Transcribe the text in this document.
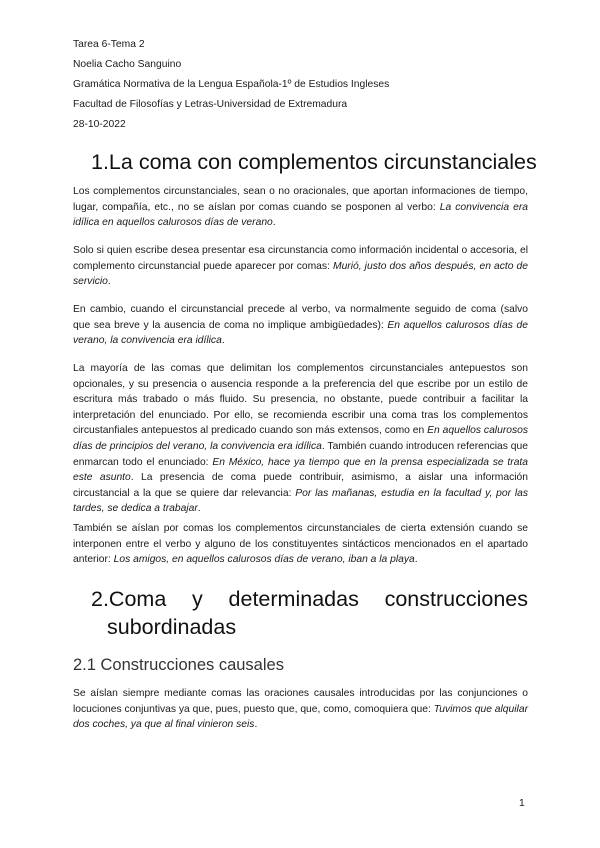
Tarea 6-Tema 2
Noelia Cacho Sanguino
Gramática Normativa de la Lengua Española-1º de Estudios Ingleses
Facultad de Filosofías y Letras-Universidad de Extremadura
28-10-2022
1.La coma con complementos circunstanciales

Los complementos circunstanciales, sean o no oracionales, que aportan informaciones de tiempo, lugar, compañía, etc., no se aíslan por comas cuando se posponen al verbo: La convivencia era idílica en aquellos calurosos días de verano.

Solo si quien escribe desea presentar esa circunstancia como información incidental o accesoria, el complemento circunstancial puede aparecer por comas: Murió, justo dos años después, en acto de servicio.

En cambio, cuando el circunstancial precede al verbo, va normalmente seguido de coma (salvo que sea breve y la ausencia de coma no implique ambigüedades): En aquellos calurosos días de verano, la convivencia era idílica.

La mayoría de las comas que delimitan los complementos circunstanciales antepuestos son opcionales, y su presencia o ausencia responde a la preferencia del que escribe por un estilo de escritura más trabado o más fluido. Su presencia, no obstante, puede contribuir a facilitar la interpretación del enunciado. Por ello, se recomienda escribir una coma tras los complementos circustanfiales antepuestos al predicado cuando son más extensos, como en En aquellos calurosos días de principios del verano, la convivencia era idílica. También cuando introducen referencias que enmarcan todo el enunciado: En México, hace ya tiempo que en la prensa especializada se trata este asunto. La presencia de coma puede contribuir, asimismo, a aislar una información circustancial a la que se quiere dar relevancia: Por las mañanas, estudia en la facultad y, por las tardes, se dedica a trabajar.

También se aíslan por comas los complementos circunstanciales de cierta extensión cuando se interponen entre el verbo y alguno de los constituyentes sintácticos mencionados en el apartado anterior: Los amigos, en aquellos calurosos días de verano, iban a la playa.

2.Coma y determinadas construcciones
subordinadas
2.1 Construcciones causales

Se aíslan siempre mediante comas las oraciones causales introducidas por las conjunciones o locuciones conjuntivas ya que, pues, puesto que, que, como, comoquiera que: Tuvimos que alquilar dos coches, ya que al final vinieron seis.

1
